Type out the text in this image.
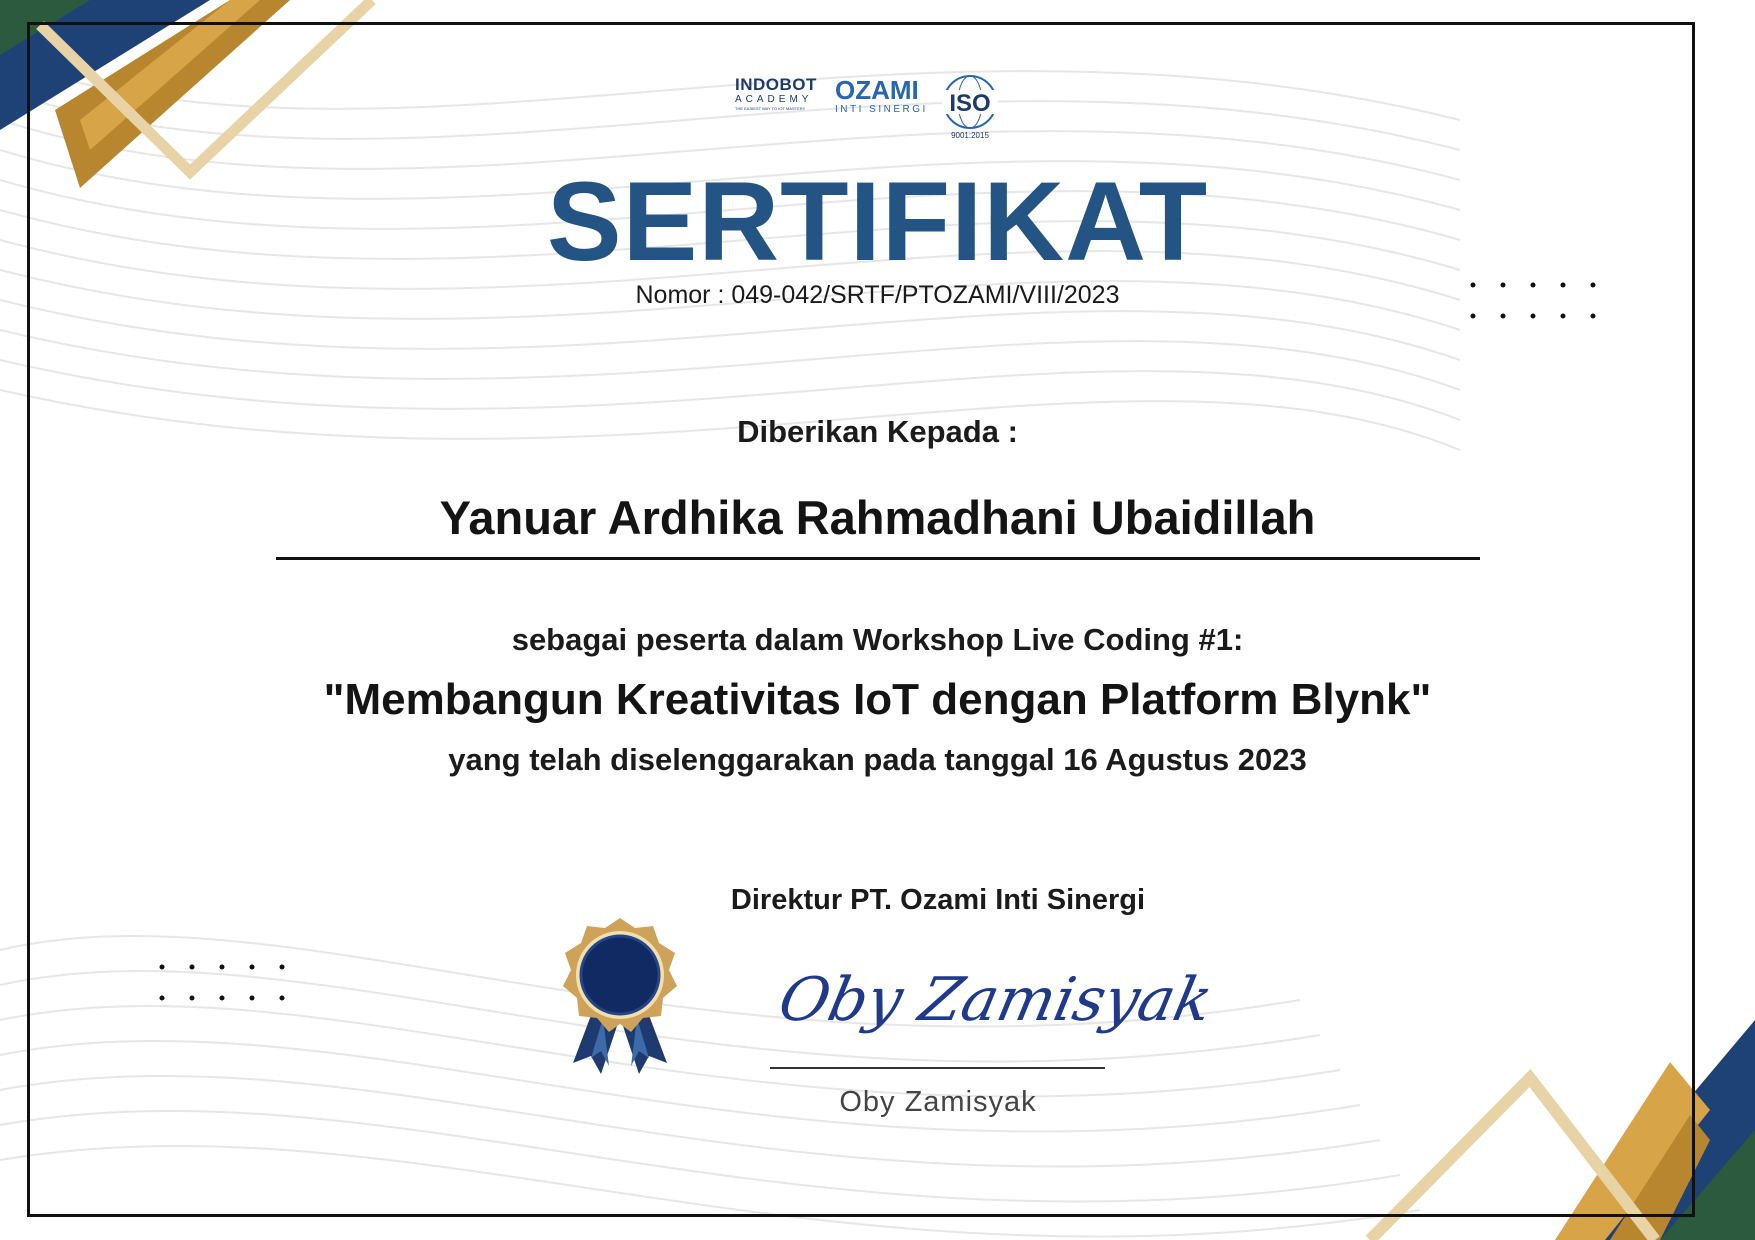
INDOBOT
ACADEMY
THE EASIEST WAY TO IOT MASTERY
OZAMI
INTI SINERGI ISO
9001:2015
SERTIFIKAT
Nomor : 049-042/SRTF/PTOZAMI/VIII/2023
Diberikan Kepada :
Yanuar Ardhika Rahmadhani Ubaidillah
sebagai peserta dalam Workshop Live Coding #1:
"Membangun Kreativitas IoT dengan Platform Blynk"
yang telah diselenggarakan pada tanggal 16 Agustus 2023
Direktur PT. Ozami Inti Sinergi
Oby Zamisyak
Oby Zamisyak
